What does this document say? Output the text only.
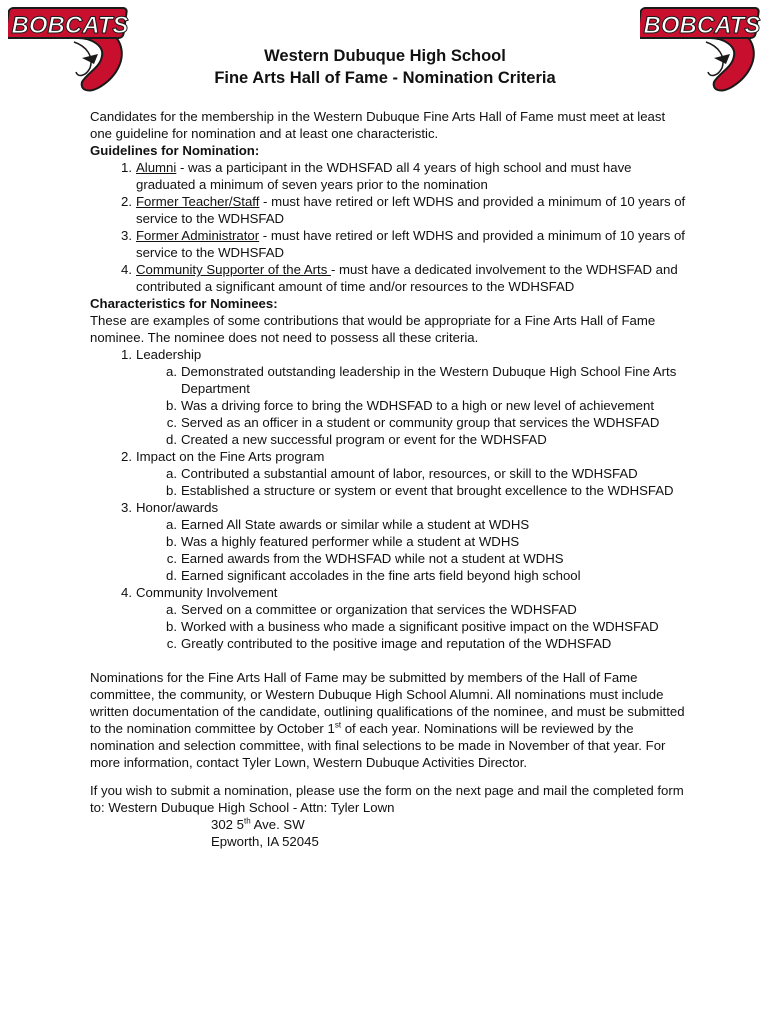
BOBCATS	BOBCATS
Western Dubuque High School
Fine Arts Hall of Fame - Nomination Criteria

Candidates for the membership in the Western Dubuque Fine Arts Hall of Fame must meet at least one guideline for nomination and at least one characteristic.

Guidelines for Nomination:

1. Alumni - was a participant in the WDHSFAD all 4 years of high school and must have graduated a minimum of seven years prior to the nomination
2. Former Teacher/Staff - must have retired or left WDHS and provided a minimum of 10 years of service to the WDHSFAD
3. Former Administrator - must have retired or left WDHS and provided a minimum of 10 years of service to the WDHSFAD
4. Community Supporter of the Arts - must have a dedicated involvement to the WDHSFAD and contributed a significant amount of time and/or resources to the WDHSFAD

Characteristics for Nominees:

These are examples of some contributions that would be appropriate for a Fine Arts Hall of Fame nominee. The nominee does not need to possess all these criteria.

1. Leadership
a. Demonstrated outstanding leadership in the Western Dubuque High School Fine Arts Department
b. Was a driving force to bring the WDHSFAD to a high or new level of achievement
c. Served as an officer in a student or community group that services the WDHSFAD
d. Created a new successful program or event for the WDHSFAD
2. Impact on the Fine Arts program
a. Contributed a substantial amount of labor, resources, or skill to the WDHSFAD
b. Established a structure or system or event that brought excellence to the WDHSFAD
3. Honor/awards
a. Earned All State awards or similar while a student at WDHS
b. Was a highly featured performer while a student at WDHS
c. Earned awards from the WDHSFAD while not a student at WDHS
d. Earned significant accolades in the fine arts field beyond high school
4. Community Involvement
a. Served on a committee or organization that services the WDHSFAD
b. Worked with a business who made a significant positive impact on the WDHSFAD
c. Greatly contributed to the positive image and reputation of the WDHSFAD

Nominations for the Fine Arts Hall of Fame may be submitted by members of the Hall of Fame committee, the community, or Western Dubuque High School Alumni. All nominations must include written documentation of the candidate, outlining qualifications of the nominee, and must be submitted to the nomination committee by October 1st of each year. Nominations will be reviewed by the nomination and selection committee, with final selections to be made in November of that year. For more information, contact Tyler Lown, Western Dubuque Activities Director.

If you wish to submit a nomination, please use the form on the next page and mail the completed form to: Western Dubuque High School - Attn: Tyler Lown

302 5th Ave. SW

Epworth, IA 52045
